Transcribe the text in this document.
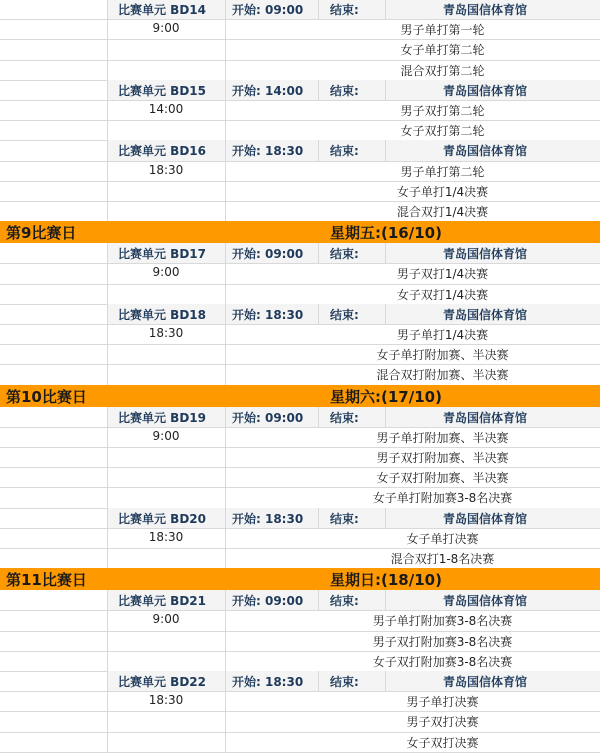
比赛单元 BD14 开始: 09:00 结束:	青岛国信体育馆
9:00	男子单打第一轮
女子单打第二轮
混合双打第二轮
比赛单元 BD15 开始: 14:00 结束:	青岛国信体育馆
14:00	男子双打第二轮
女子双打第二轮
比赛单元 BD16 开始: 18:30 结束:	青岛国信体育馆
18:30	男子单打第二轮
女子单打1/4决赛
混合双打1/4决赛
第9比赛日	星期五:(16/10)
比赛单元 BD17 开始: 09:00 结束:	青岛国信体育馆
9:00	男子双打1/4决赛
女子双打1/4决赛
比赛单元 BD18 开始: 18:30 结束:	青岛国信体育馆
18:30	男子单打1/4决赛
女子单打附加赛、半决赛
混合双打附加赛、半决赛
第10比赛日	星期六:(17/10)
比赛单元 BD19 开始: 09:00 结束:	青岛国信体育馆
9:00	男子单打附加赛、半决赛
男子双打附加赛、半决赛
女子双打附加赛、半决赛
女子单打附加赛3-8名决赛
比赛单元 BD20 开始: 18:30 结束:	青岛国信体育馆
18:30	女子单打决赛
混合双打1-8名决赛
第11比赛日	星期日:(18/10)
比赛单元 BD21 开始: 09:00 结束:	青岛国信体育馆
9:00	男子单打附加赛3-8名决赛
男子双打附加赛3-8名决赛
女子双打附加赛3-8名决赛
比赛单元 BD22 开始: 18:30 结束:	青岛国信体育馆
18:30	男子单打决赛
男子双打决赛
女子双打决赛
